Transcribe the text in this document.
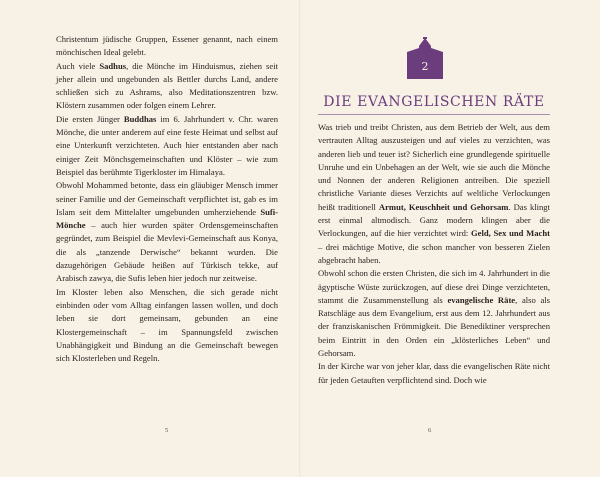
Christentum jüdische Gruppen, Essener genannt, nach einem mönchischen Ideal gelebt.

Auch viele Sadhus, die Mönche im Hinduismus, ziehen seit jeher allein und ungebunden als Bettler durchs Land, andere schließen sich zu Ashrams, also Meditationszentren bzw. Klöstern zusammen oder folgen einem Lehrer.

Die ersten Jünger Buddhas im 6. Jahrhundert v. Chr. waren Mönche, die unter anderem auf eine feste Heimat und selbst auf eine Unterkunft verzichteten. Auch hier entstanden aber nach einiger Zeit Mönchsgemeinschaften und Klöster – wie zum Beispiel das berühmte Tigerkloster im Himalaya.

Obwohl Mohammed betonte, dass ein gläubiger Mensch immer seiner Familie und der Gemeinschaft verpflichtet ist, gab es im Islam seit dem Mittelalter umgebunden umherziehende Sufi-Mönche – auch hier wurden später Ordensgemeinschaften gegründet, zum Beispiel die Mevlevi-Gemeinschaft aus Konya, die als „tanzende Derwische“ bekannt wurden. Die dazugehörigen Gebäude heißen auf Türkisch tekke, auf Arabisch zawya, die Sufis leben hier jedoch nur zeitweise.

Im Kloster leben also Menschen, die sich gerade nicht einbinden oder vom Alltag einfangen lassen wollen, und doch leben sie dort gemeinsam, gebunden an eine Klostergemeinschaft – im Spannungsfeld zwischen Unabhängigkeit und Bindung an die Gemeinschaft bewegen sich Klosterleben und Regeln.

5
2
DIE EVANGELISCHEN RÄTE

Was trieb und treibt Christen, aus dem Betrieb der Welt, aus dem vertrauten Alltag auszusteigen und auf vieles zu verzichten, was anderen lieb und teuer ist? Sicherlich eine grundlegende spirituelle Unruhe und ein Unbehagen an der Welt, wie sie auch die Mönche und Nonnen der anderen Religionen antreiben. Die speziell christliche Variante dieses Verzichts auf weltliche Verlockungen heißt traditionell Armut, Keuschheit und Gehorsam. Das klingt erst einmal altmodisch. Ganz modern klingen aber die Verlockungen, auf die hier verzichtet wird: Geld, Sex und Macht – drei mächtige Motive, die schon mancher von besseren Zielen abgebracht haben.

Obwohl schon die ersten Christen, die sich im 4. Jahrhundert in die ägyptische Wüste zurückzogen, auf diese drei Dinge verzichteten, stammt die Zusammenstellung als evangelische Räte, also als Ratschläge aus dem Evangelium, erst aus dem 12. Jahrhundert aus der franziskanischen Frömmigkeit. Die Benediktiner versprechen beim Eintritt in den Orden ein „klösterliches Leben“ und Gehorsam.

In der Kirche war von jeher klar, dass die evangelischen Räte nicht für jeden Getauften verpflichtend sind. Doch wie

6
